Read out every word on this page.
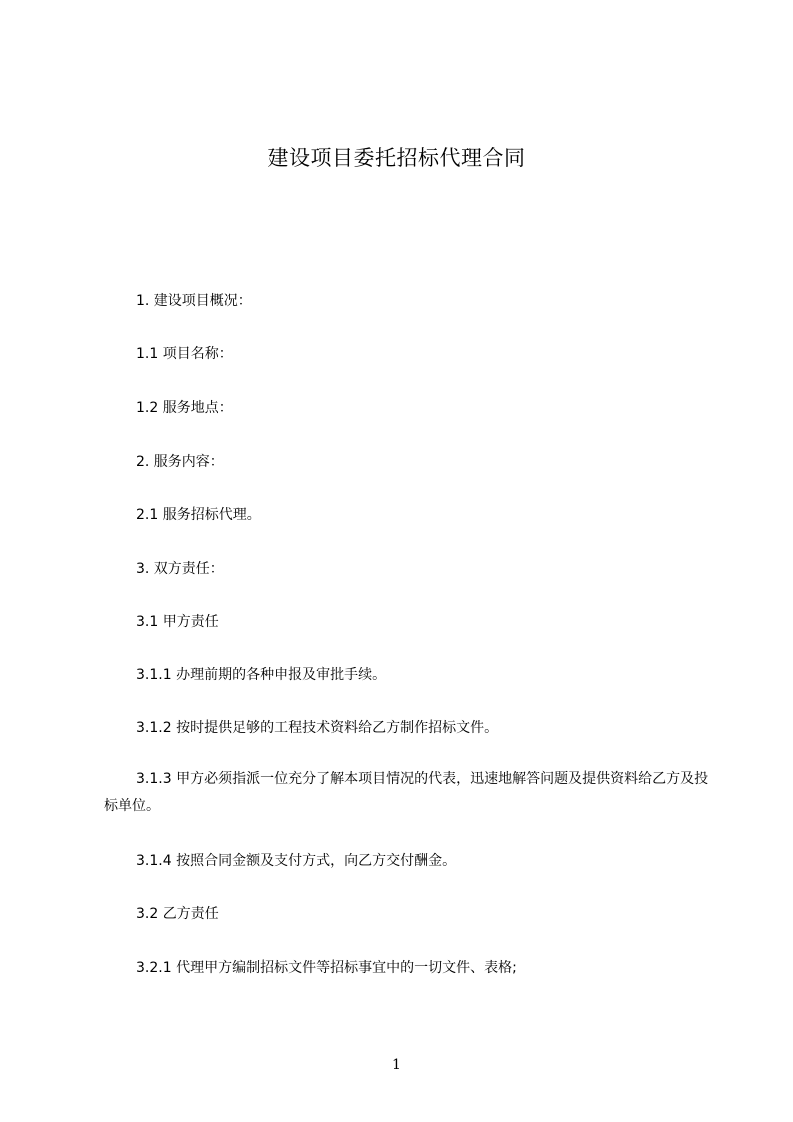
建设项目委托招标代理合同
1. 建设项目概况：
1.1 项目名称：
1.2 服务地点：
2. 服务内容：
2.1 服务招标代理。
3. 双方责任：
3.1 甲方责任
3.1.1 办理前期的各种申报及审批手续。
3.1.2 按时提供足够的工程技术资料给乙方制作招标文件。
3.1.3 甲方必须指派一位充分了解本项目情况的代表，迅速地解答问题及提供资料给乙方及投标单位。
3.1.4 按照合同金额及支付方式，向乙方交付酬金。
3.2 乙方责任
3.2.1 代理甲方编制招标文件等招标事宜中的一切文件、表格;
1
